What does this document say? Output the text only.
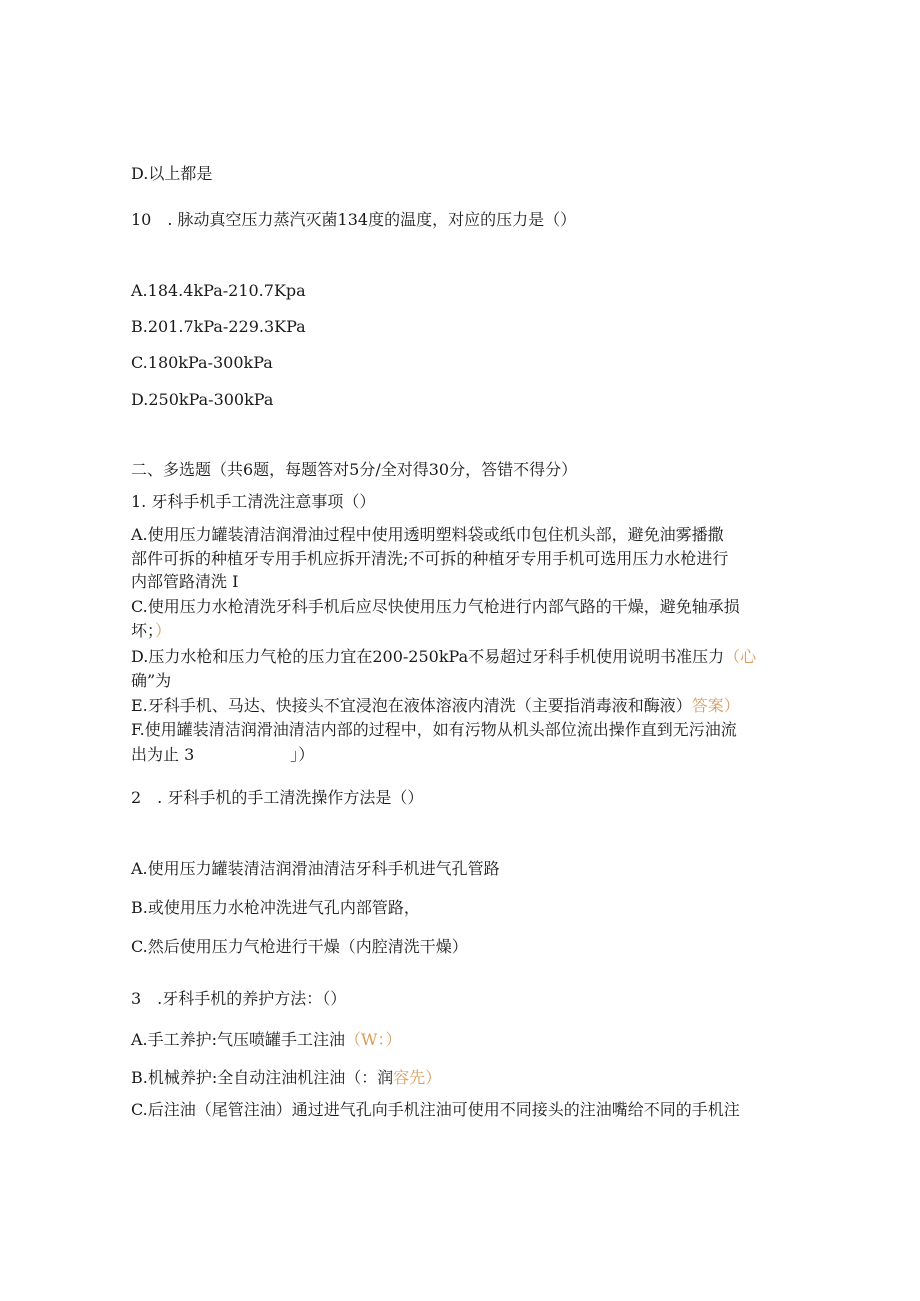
D.以上都是
10 . 脉动真空压力蒸汽灭菌134度的温度，对应的压力是（）
A.184.4kPa-210.7Kpa
B.201.7kPa-229.3KPa
C.180kPa-300kPa
D.250kPa-300kPa
二、多选题（共6题，每题答对5分/全对得30分，答错不得分）
1. 牙科手机手工清洗注意事项（）
A.使用压力罐装清洁润滑油过程中使用透明塑料袋或纸巾包住机头部，避免油雾播撒
部件可拆的种植牙专用手机应拆开清洗;不可拆的种植牙专用手机可选用压力水枪进行
内部管路清洗 I
C.使用压力水枪清洗牙科手机后应尽快使用压力气枪进行内部气路的干燥，避免轴承损
坏；）
D.压力水枪和压力气枪的压力宜在200-250kPa不易超过牙科手机使用说明书准压力（心
确”为
E.牙科手机、马达、快接头不宜浸泡在液体溶液内清洗（主要指消毒液和酶液）答案）
F.使用罐装清洁润滑油清洁内部的过程中，如有污物从机头部位流出操作直到无污油流
出为止 3      」）
2 . 牙科手机的手工清洗操作方法是（）
A.使用压力罐装清洁润滑油清洁牙科手机进气孔管路
B.或使用压力水枪冲洗进气孔内部管路，
C.然后使用压力气枪进行干燥（内腔清洗干燥）
3 .牙科手机的养护方法：（）
A.手工养护:气压喷罐手工注油（W：）
B.机械养护:全自动注油机注油（：润容先）
C.后注油（尾管注油）通过进气孔向手机注油可使用不同接头的注油嘴给不同的手机注
